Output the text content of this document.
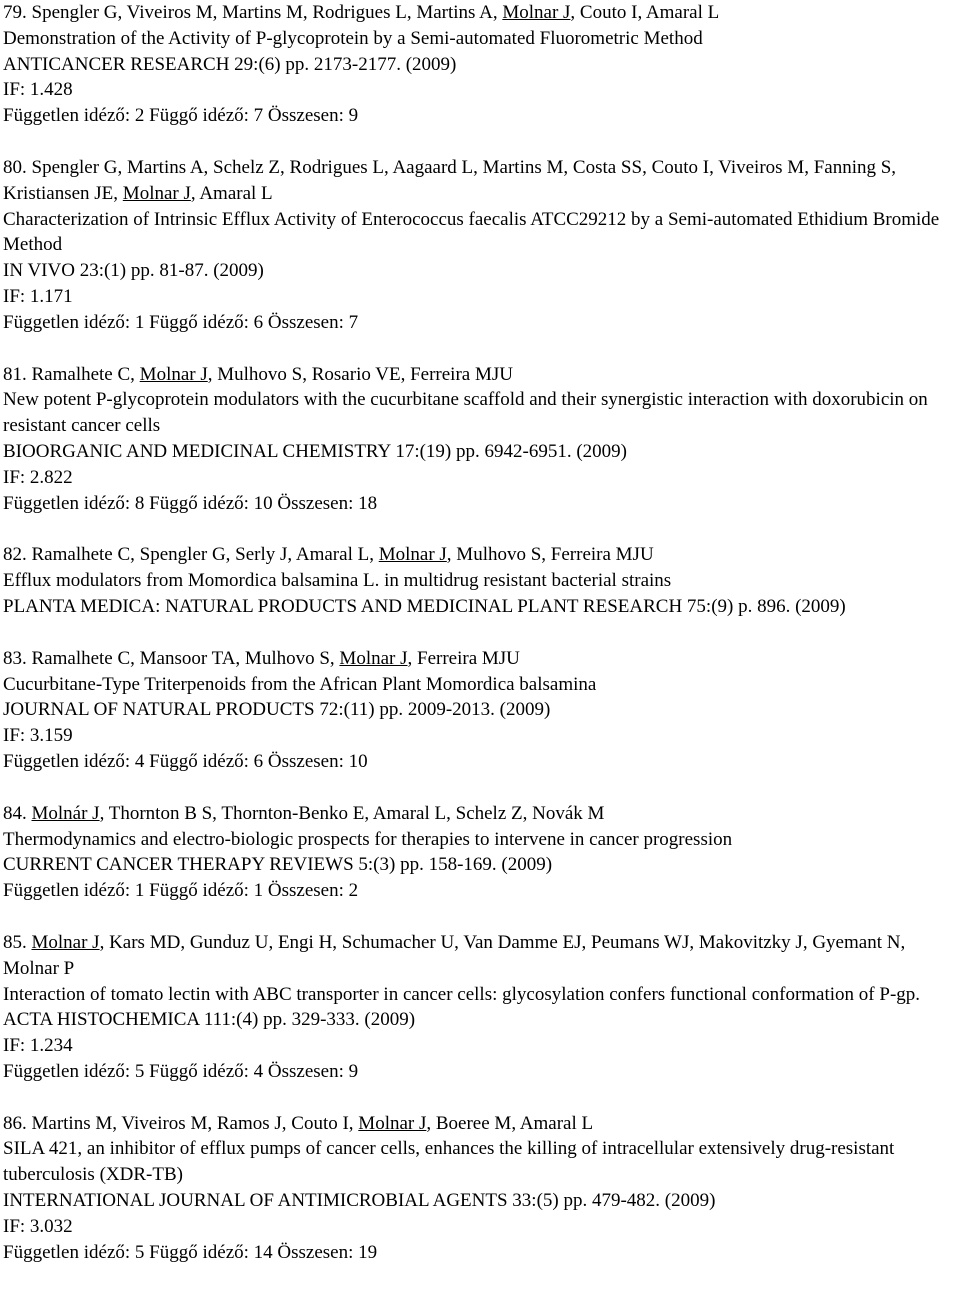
79. Spengler G, Viveiros M, Martins M, Rodrigues L, Martins A, Molnar J, Couto I, Amaral L
Demonstration of the Activity of P-glycoprotein by a Semi-automated Fluorometric Method
ANTICANCER RESEARCH 29:(6) pp. 2173-2177. (2009)
IF: 1.428
Független idéző: 2 Függő idéző: 7 Összesen: 9
80. Spengler G, Martins A, Schelz Z, Rodrigues L, Aagaard L, Martins M, Costa SS, Couto I, Viveiros M, Fanning S, Kristiansen JE, Molnar J, Amaral L
Characterization of Intrinsic Efflux Activity of Enterococcus faecalis ATCC29212 by a Semi-automated Ethidium Bromide Method
IN VIVO 23:(1) pp. 81-87. (2009)
IF: 1.171
Független idéző: 1 Függő idéző: 6 Összesen: 7
81. Ramalhete C, Molnar J, Mulhovo S, Rosario VE, Ferreira MJU
New potent P-glycoprotein modulators with the cucurbitane scaffold and their synergistic interaction with doxorubicin on resistant cancer cells
BIOORGANIC AND MEDICINAL CHEMISTRY 17:(19) pp. 6942-6951. (2009)
IF: 2.822
Független idéző: 8 Függő idéző: 10 Összesen: 18
82. Ramalhete C, Spengler G, Serly J, Amaral L, Molnar J, Mulhovo S, Ferreira MJU
Efflux modulators from Momordica balsamina L. in multidrug resistant bacterial strains
PLANTA MEDICA: NATURAL PRODUCTS AND MEDICINAL PLANT RESEARCH 75:(9) p. 896. (2009)
83. Ramalhete C, Mansoor TA, Mulhovo S, Molnar J, Ferreira MJU
Cucurbitane-Type Triterpenoids from the African Plant Momordica balsamina
JOURNAL OF NATURAL PRODUCTS 72:(11) pp. 2009-2013. (2009)
IF: 3.159
Független idéző: 4 Függő idéző: 6 Összesen: 10
84. Molnár J, Thornton B S, Thornton-Benko E, Amaral L, Schelz Z, Novák M
Thermodynamics and electro-biologic prospects for therapies to intervene in cancer progression
CURRENT CANCER THERAPY REVIEWS 5:(3) pp. 158-169. (2009)
Független idéző: 1 Függő idéző: 1 Összesen: 2
85. Molnar J, Kars MD, Gunduz U, Engi H, Schumacher U, Van Damme EJ, Peumans WJ, Makovitzky J, Gyemant N, Molnar P
Interaction of tomato lectin with ABC transporter in cancer cells: glycosylation confers functional conformation of P-gp.
ACTA HISTOCHEMICA 111:(4) pp. 329-333. (2009)
IF: 1.234
Független idéző: 5 Függő idéző: 4 Összesen: 9
86. Martins M, Viveiros M, Ramos J, Couto I, Molnar J, Boeree M, Amaral L
SILA 421, an inhibitor of efflux pumps of cancer cells, enhances the killing of intracellular extensively drug-resistant tuberculosis (XDR-TB)
INTERNATIONAL JOURNAL OF ANTIMICROBIAL AGENTS 33:(5) pp. 479-482. (2009)
IF: 3.032
Független idéző: 5 Függő idéző: 14 Összesen: 19
